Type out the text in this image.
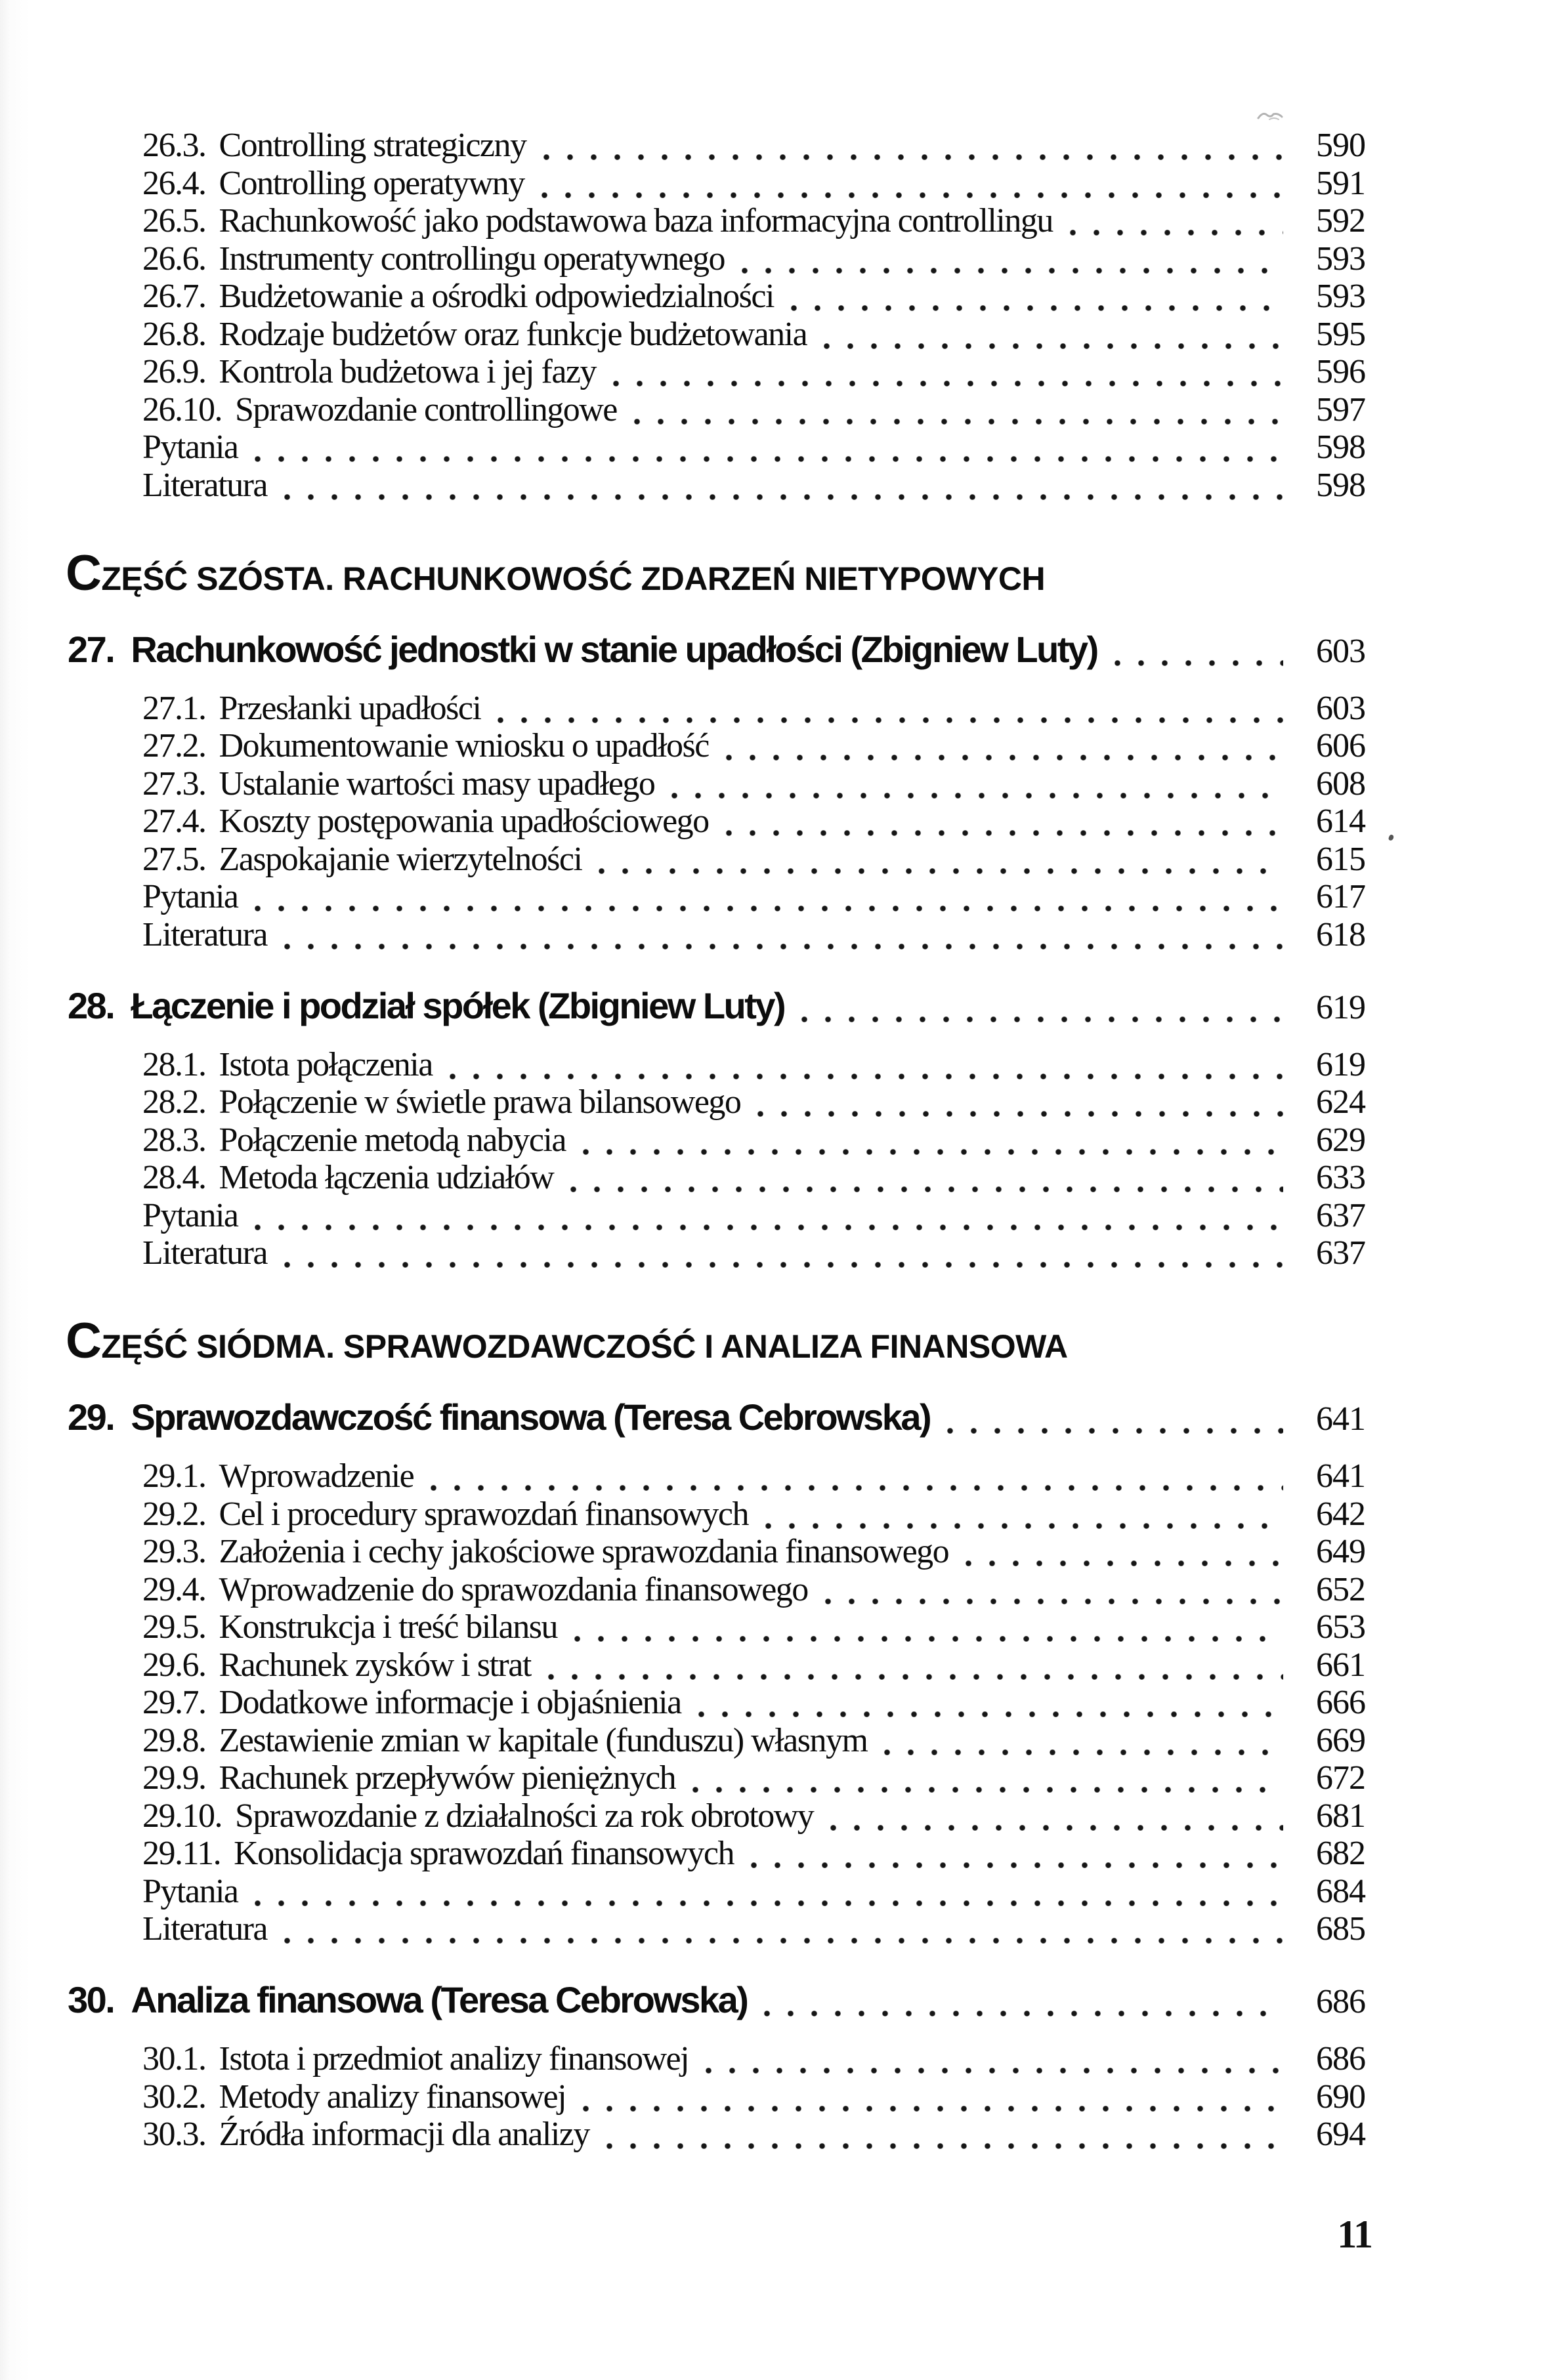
26.3. Controlling strategiczny	590
26.4. Controlling operatywny	591
26.5. Rachunkowość jako podstawowa baza informacyjna controllingu	592
26.6. Instrumenty controllingu operatywnego	593
26.7. Budżetowanie a ośrodki odpowiedzialności	593
26.8. Rodzaje budżetów oraz funkcje budżetowania	595
26.9. Kontrola budżetowa i jej fazy	596
26.10. Sprawozdanie controllingowe	597
Pytania	598
Literatura	598
CZĘŚĆ SZÓSTA. RACHUNKOWOŚĆ ZDARZEŃ NIETYPOWYCH
27. Rachunkowość jednostki w stanie upadłości (Zbigniew Luty)	603
27.1. Przesłanki upadłości	603
27.2. Dokumentowanie wniosku o upadłość	606
27.3. Ustalanie wartości masy upadłego	608
27.4. Koszty postępowania upadłościowego	614
27.5. Zaspokajanie wierzytelności	615
Pytania	617
Literatura	618
28. Łączenie i podział spółek (Zbigniew Luty)	619
28.1. Istota połączenia	619
28.2. Połączenie w świetle prawa bilansowego	624
28.3. Połączenie metodą nabycia	629
28.4. Metoda łączenia udziałów	633
Pytania	637
Literatura	637
CZĘŚĆ SIÓDMA. SPRAWOZDAWCZOŚĆ I ANALIZA FINANSOWA
29. Sprawozdawczość finansowa (Teresa Cebrowska)	641
29.1. Wprowadzenie	641
29.2. Cel i procedury sprawozdań finansowych	642
29.3. Założenia i cechy jakościowe sprawozdania finansowego	649
29.4. Wprowadzenie do sprawozdania finansowego	652
29.5. Konstrukcja i treść bilansu	653
29.6. Rachunek zysków i strat	661
29.7. Dodatkowe informacje i objaśnienia	666
29.8. Zestawienie zmian w kapitale (funduszu) własnym	669
29.9. Rachunek przepływów pieniężnych	672
29.10. Sprawozdanie z działalności za rok obrotowy	681
29.11. Konsolidacja sprawozdań finansowych	682
Pytania	684
Literatura	685
30. Analiza finansowa (Teresa Cebrowska)	686
30.1. Istota i przedmiot analizy finansowej	686
30.2. Metody analizy finansowej	690
30.3. Źródła informacji dla analizy	694
11
